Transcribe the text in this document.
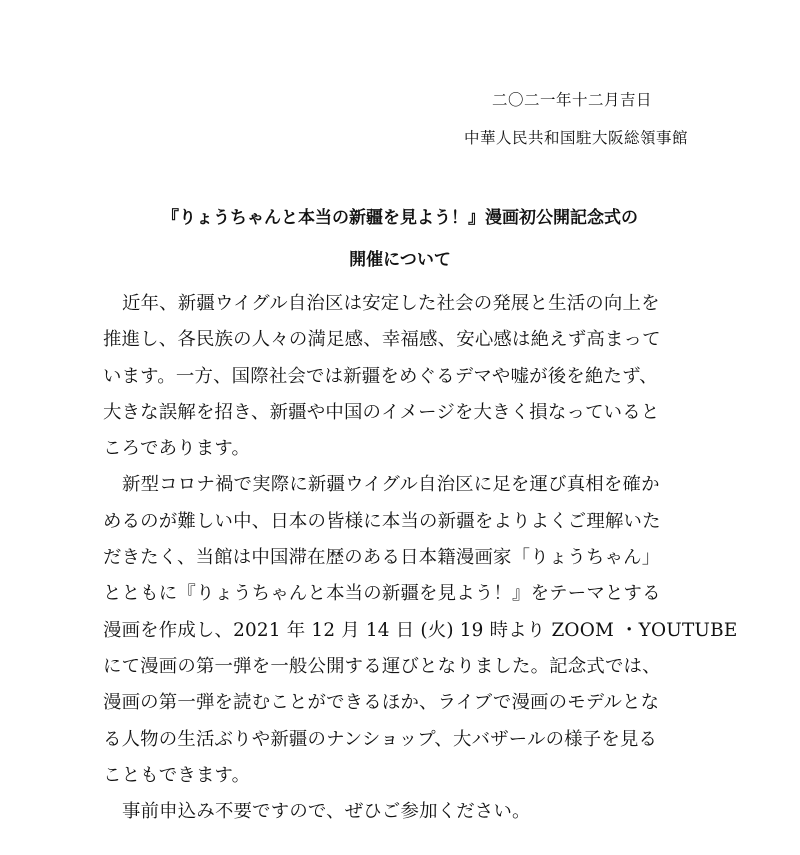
二〇二一年十二月吉日
中華人民共和国駐大阪総領事館
『りょうちゃんと本当の新疆を見よう！』漫画初公開記念式の
開催について
近年、新疆ウイグル自治区は安定した社会の発展と生活の向上を
推進し、各民族の人々の満足感、幸福感、安心感は絶えず高まって
います。一方、国際社会では新疆をめぐるデマや嘘が後を絶たず、
大きな誤解を招き、新疆や中国のイメージを大きく損なっていると
ころであります。
新型コロナ禍で実際に新疆ウイグル自治区に足を運び真相を確か
めるのが難しい中、日本の皆様に本当の新疆をよりよくご理解いた
だきたく、当館は中国滞在歴のある日本籍漫画家「りょうちゃん」
とともに『りょうちゃんと本当の新疆を見よう！』をテーマとする
漫画を作成し、2021 年 12 月 14 日 (火) 19 時より ZOOM ・YOUTUBE
にて漫画の第一弾を一般公開する運びとなりました。記念式では、
漫画の第一弾を読むことができるほか、ライブで漫画のモデルとな
る人物の生活ぶりや新疆のナンショップ、大バザールの様子を見る
こともできます。
事前申込み不要ですので、ぜひご参加ください。
